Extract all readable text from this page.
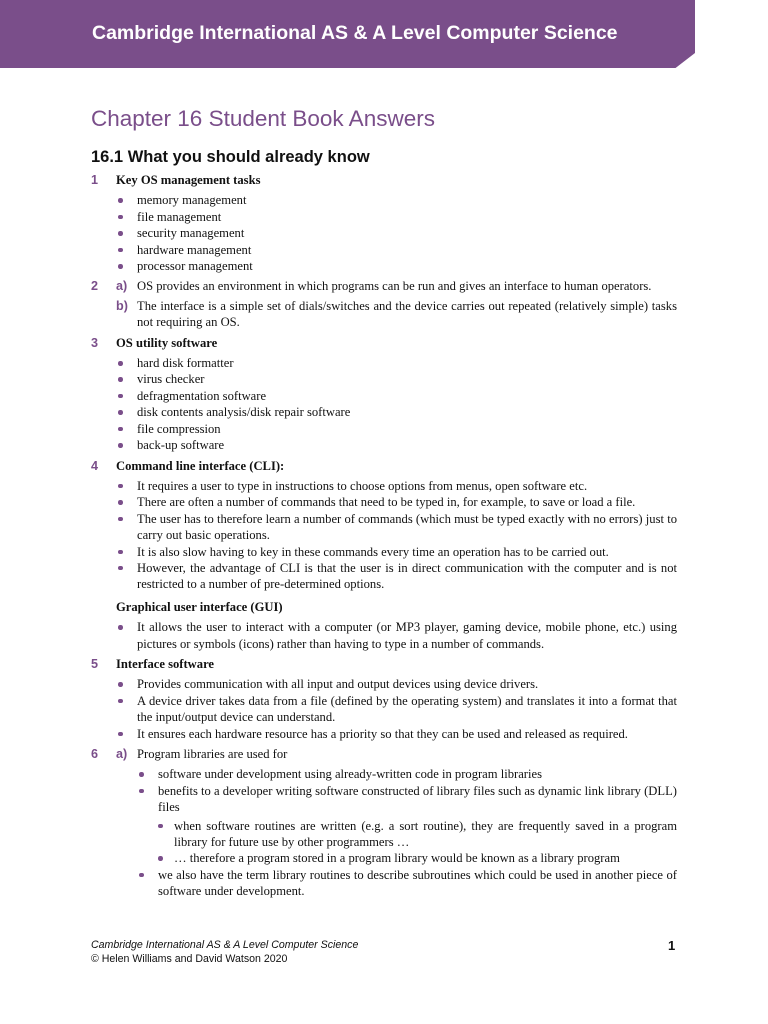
Cambridge International AS & A Level Computer Science
Chapter 16 Student Book Answers
16.1 What you should already know
1 Key OS management tasks
memory management
file management
security management
hardware management
processor management
2 a) OS provides an environment in which programs can be run and gives an interface to human operators.
b) The interface is a simple set of dials/switches and the device carries out repeated (relatively simple) tasks not requiring an OS.
3 OS utility software
hard disk formatter
virus checker
defragmentation software
disk contents analysis/disk repair software
file compression
back-up software
4 Command line interface (CLI):
It requires a user to type in instructions to choose options from menus, open software etc.
There are often a number of commands that need to be typed in, for example, to save or load a file.
The user has to therefore learn a number of commands (which must be typed exactly with no errors) just to carry out basic operations.
It is also slow having to key in these commands every time an operation has to be carried out.
However, the advantage of CLI is that the user is in direct communication with the computer and is not restricted to a number of pre-determined options.
Graphical user interface (GUI)
It allows the user to interact with a computer (or MP3 player, gaming device, mobile phone, etc.) using pictures or symbols (icons) rather than having to type in a number of commands.
5 Interface software
Provides communication with all input and output devices using device drivers.
A device driver takes data from a file (defined by the operating system) and translates it into a format that the input/output device can understand.
It ensures each hardware resource has a priority so that they can be used and released as required.
6 a) Program libraries are used for
software under development using already-written code in program libraries
benefits to a developer writing software constructed of library files such as dynamic link library (DLL) files
when software routines are written (e.g. a sort routine), they are frequently saved in a program library for future use by other programmers …
… therefore a program stored in a program library would be known as a library program
we also have the term library routines to describe subroutines which could be used in another piece of software under development.
Cambridge International AS & A Level Computer Science
© Helen Williams and David Watson 2020
1
